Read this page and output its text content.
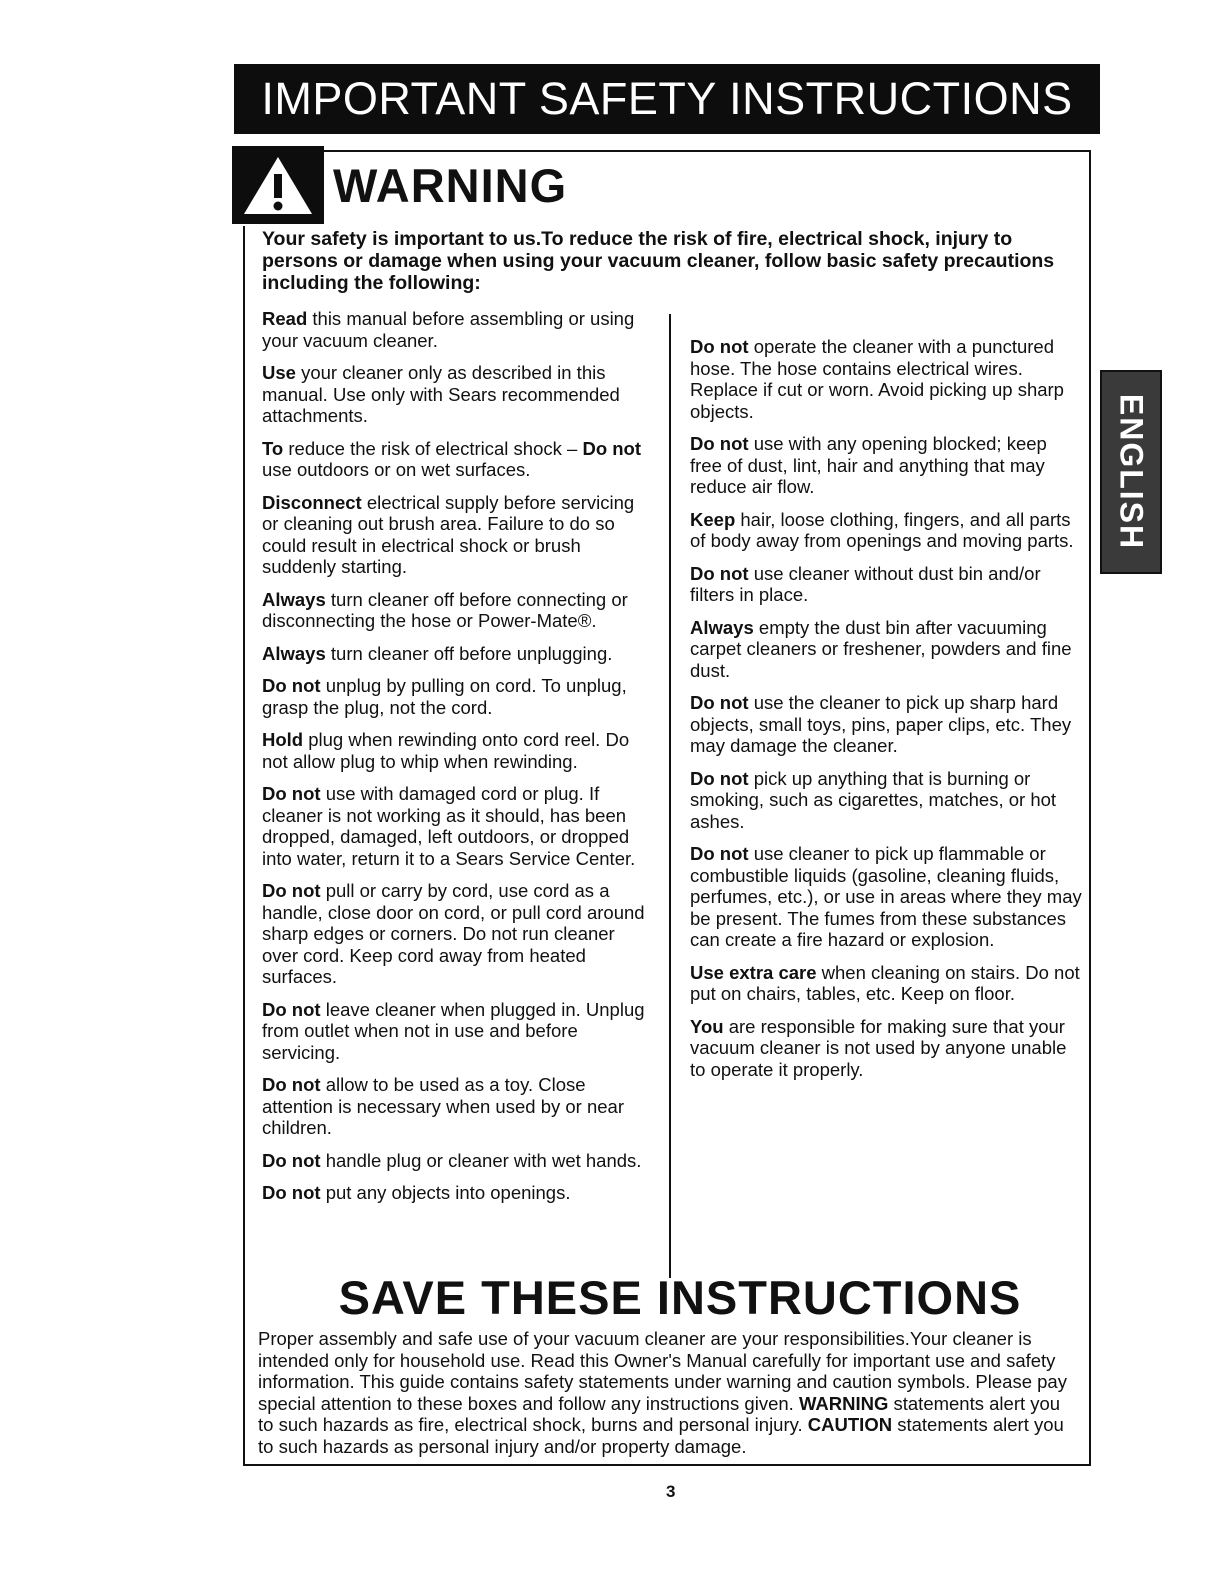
IMPORTANT SAFETY INSTRUCTIONS
WARNING
Your safety is important to us.To reduce the risk of fire, electrical shock, injury to persons or damage when using your vacuum cleaner, follow basic safety precautions including the following:

Read this manual before assembling or using your vacuum cleaner.

Use your cleaner only as described in this manual. Use only with Sears recommended attachments.

To reduce the risk of electrical shock – Do not use outdoors or on wet surfaces.

Disconnect electrical supply before servicing or cleaning out brush area. Failure to do so could result in electrical shock or brush suddenly starting.

Always turn cleaner off before connecting or disconnecting the hose or Power-Mate®.

Always turn cleaner off before unplugging.

Do not unplug by pulling on cord. To unplug, grasp the plug, not the cord.

Hold plug when rewinding onto cord reel. Do not allow plug to whip when rewinding.

Do not use with damaged cord or plug. If cleaner is not working as it should, has been dropped, damaged, left outdoors, or dropped into water, return it to a Sears Service Center.

Do not pull or carry by cord, use cord as a handle, close door on cord, or pull cord around sharp edges or corners. Do not run cleaner over cord. Keep cord away from heated surfaces.

Do not leave cleaner when plugged in. Unplug from outlet when not in use and before servicing.

Do not allow to be used as a toy. Close attention is necessary when used by or near children.

Do not handle plug or cleaner with wet hands.

Do not put any objects into openings.

Do not operate the cleaner with a punctured hose. The hose contains electrical wires. Replace if cut or worn. Avoid picking up sharp objects.

Do not use with any opening blocked; keep free of dust, lint, hair and anything that may reduce air flow.

Keep hair, loose clothing, fingers, and all parts of body away from openings and moving parts.

Do not use cleaner without dust bin and/or filters in place.

Always empty the dust bin after vacuuming carpet cleaners or freshener, powders and fine dust.

Do not use the cleaner to pick up sharp hard objects, small toys, pins, paper clips, etc. They may damage the cleaner.

Do not pick up anything that is burning or smoking, such as cigarettes, matches, or hot ashes.

Do not use cleaner to pick up flammable or combustible liquids (gasoline, cleaning fluids, perfumes, etc.), or use in areas where they may be present. The fumes from these substances can create a fire hazard or explosion.

Use extra care when cleaning on stairs. Do not put on chairs, tables, etc. Keep on floor.

You are responsible for making sure that your vacuum cleaner is not used by anyone unable to operate it properly.

SAVE THESE INSTRUCTIONS
Proper assembly and safe use of your vacuum cleaner are your responsibilities.Your cleaner is intended only for household use. Read this Owner's Manual carefully for important use and safety information. This guide contains safety statements under warning and caution symbols. Please pay special attention to these boxes and follow any instructions given. WARNING statements alert you to such hazards as fire, electrical shock, burns and personal injury. CAUTION statements alert you to such hazards as personal injury and/or property damage.
3
ENGLISH
